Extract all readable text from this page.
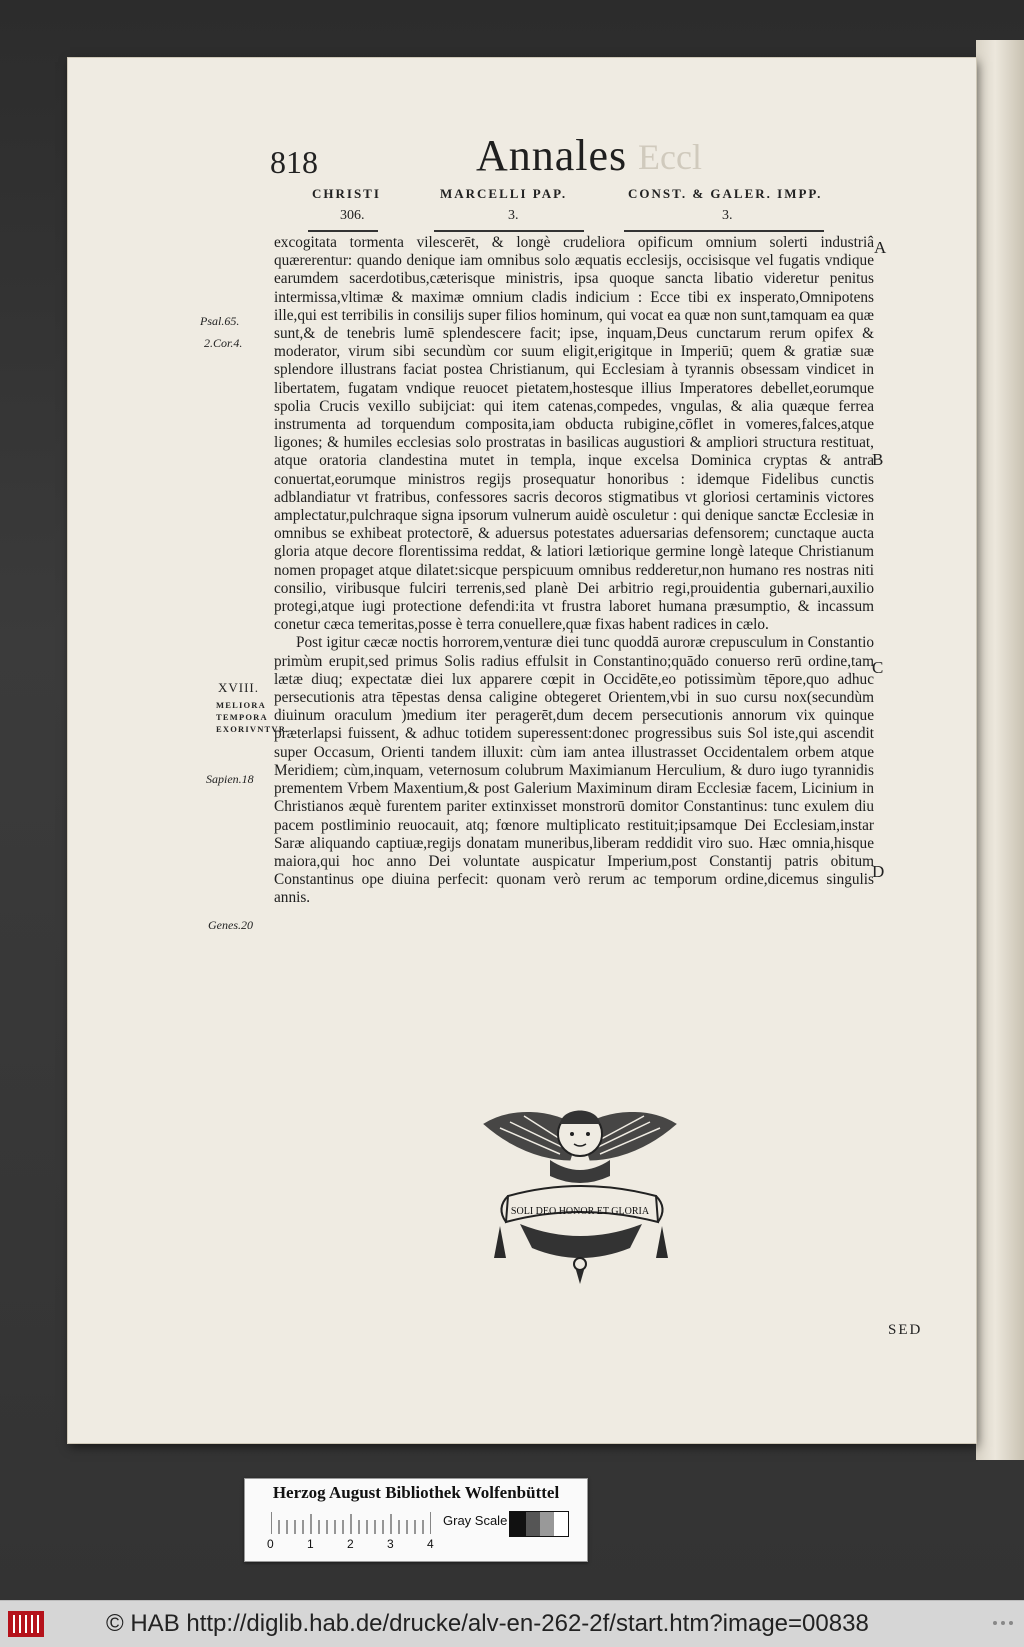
818	Eccl
Annales
CHRISTI	MARCELLI PAP.	CONST. & GALER. IMPP.
306.	3.	3.

excogitata tormenta vilescerēt, & longè crudeliora opificum omnium solerti industriâ quærerentur: quando denique iam omnibus solo æquatis ecclesijs, occisisque vel fugatis vndique earumdem sacerdotibus,cæterisque ministris, ipsa quoque sancta libatio videretur penitus intermissa,vltimæ & maximæ omnium cladis indicium : Ecce tibi ex insperato,Omnipotens ille,qui est terribilis in consilijs super filios hominum, qui vocat ea quæ non sunt,tamquam ea quæ sunt,& de tenebris lumē splendescere facit; ipse, inquam,Deus cunctarum rerum opifex & moderator, virum sibi secundùm cor suum eligit,erigitque in Imperiū; quem & gratiæ suæ splendore illustrans faciat postea Christianum, qui Ecclesiam à tyrannis obsessam vindicet in libertatem, fugatam vndique reuocet pietatem,hostesque illius Imperatores debellet,eorumque spolia Crucis vexillo subijciat: qui item catenas,compedes, vngulas, & alia quæque ferrea instrumenta ad torquendum composita,iam obducta rubigine,cōflet in vomeres,falces,atque ligones; & humiles ecclesias solo prostratas in basilicas augustiori & ampliori structura restituat, atque oratoria clandestina mutet in templa, inque excelsa Dominica cryptas & antra conuertat,eorumque ministros regijs prosequatur honoribus : idemque Fidelibus cunctis adblandiatur vt fratribus, confessores sacris decoros stigmatibus vt gloriosi certaminis victores amplectatur,pulchraque signa ipsorum vulnerum auidè osculetur : qui denique sanctæ Ecclesiæ in omnibus se exhibeat protectorē, & aduersus potestates aduersarias defensorem; cunctaque aucta gloria atque decore florentissima reddat, & latiori lætiorique germine longè lateque Christianum nomen propaget atque dilatet:sicque perspicuum omnibus redderetur,non humano res nostras niti consilio, viribusque fulciri terrenis,sed planè Dei arbitrio regi,prouidentia gubernari,auxilio protegi,atque iugi protectione defendi:ita vt frustra laboret humana præsumptio, & incassum conetur cæca temeritas,posse è terra conuellere,quæ fixas habent radices in cælo.

Post igitur cæcæ noctis horrorem,venturæ diei tunc quoddā auroræ crepusculum in Constantio primùm erupit,sed primus Solis radius effulsit in Constantino;quādo conuerso rerū ordine,tam lætæ diuq; expectatæ diei lux apparere cœpit in Occidēte,eo potissimùm tēpore,quo adhuc persecutionis atra tēpestas densa caligine obtegeret Orientem,vbi in suo cursu nox(secundùm diuinum oraculum )medium iter peragerēt,dum decem persecutionis annorum vix quinque præterlapsi fuissent, & adhuc totidem superessent:donec progressibus suis Sol iste,qui ascendit super Occasum, Orienti tandem illuxit: cùm iam antea illustrasset Occidentalem orbem atque Meridiem; cùm,inquam, veternosum colubrum Maximianum Herculium, & duro iugo tyrannidis prementem Vrbem Maxentium,& post Galerium Maximinum diram Ecclesiæ facem, Licinium in Christianos æquè furentem pariter extinxisset monstrorū domitor Constantinus: tunc exulem diu pacem postliminio reuocauit, atq; fœnore multiplicato restituit;ipsamque Dei Ecclesiam,instar Saræ aliquando captiuæ,regijs donatam muneribus,liberam reddidit viro suo. Hæc omnia,hisque maiora,qui hoc anno Dei voluntate auspicatur Imperium,post Constantij patris obitum Constantinus ope diuina perfecit: quonam verò rerum ac temporum ordine,dicemus singulis annis.

Psal.65.
2.Cor.4.
Sapien.18
Genes.20
A
B
C
D
XVIII.
MELIORA TEMPORA EXORIVNTVR.
SOLI DEO HONOR ET GLORIA
SED
Herzog August Bibliothek Wolfenbüttel
0	1	2	3	4
Gray Scale
© HAB http://diglib.hab.de/drucke/alv-en-262-2f/start.htm?image=00838
